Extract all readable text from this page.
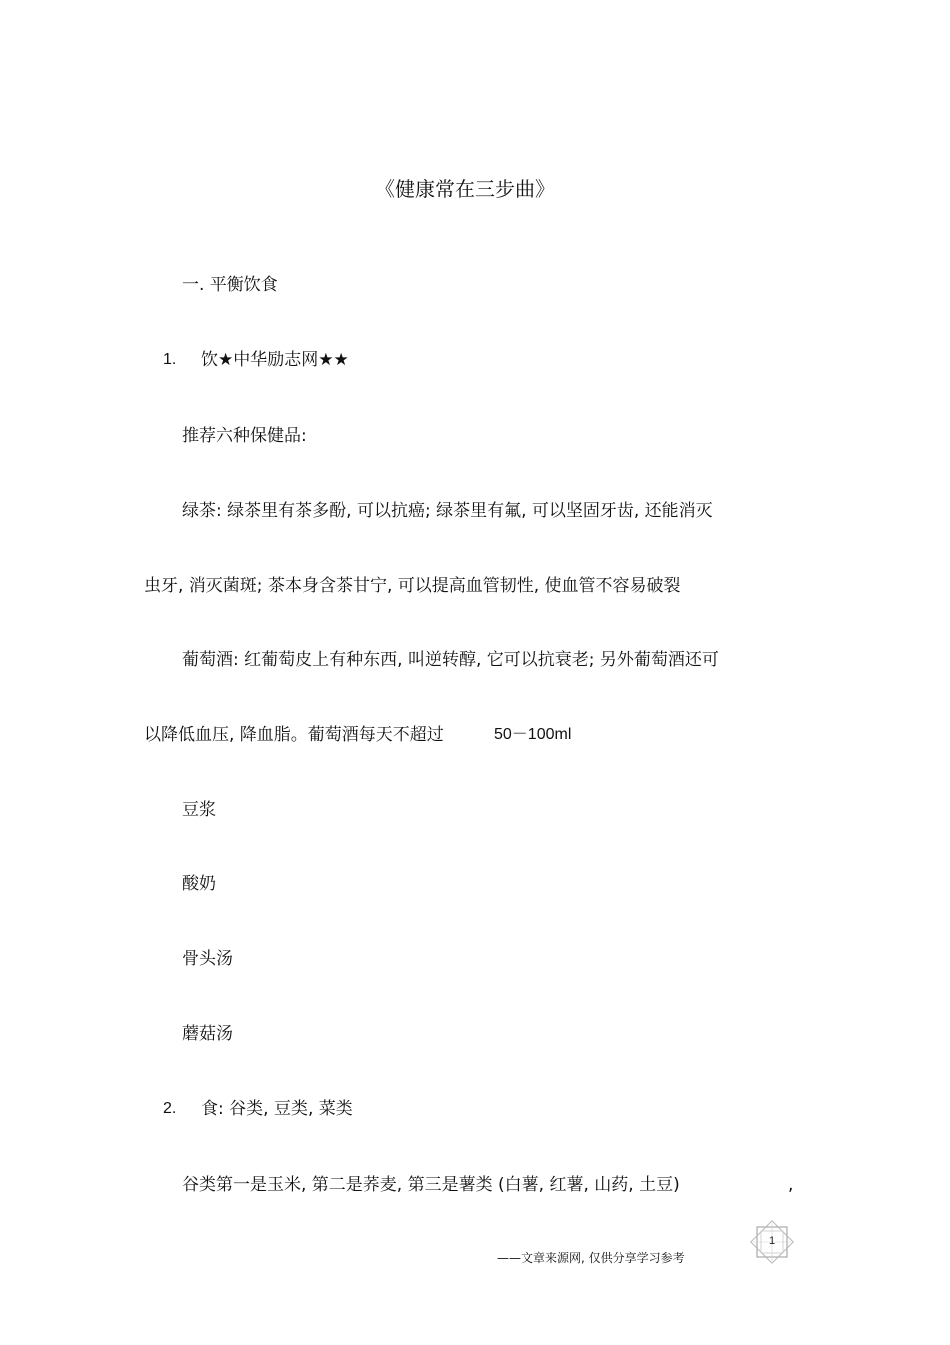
《健康常在三步曲》
一. 平衡饮食
1. 饮★中华励志网★★
推荐六种保健品:
绿茶: 绿茶里有茶多酚, 可以抗癌; 绿茶里有氟, 可以坚固牙齿, 还能消灭
虫牙, 消灭菌斑; 茶本身含茶甘宁, 可以提高血管韧性, 使血管不容易破裂
葡萄酒: 红葡萄皮上有种东西, 叫逆转醇, 它可以抗衰老; 另外葡萄酒还可
以降低血压, 降血脂。葡萄酒每天不超过	50－100ml
豆浆
酸奶
骨头汤
蘑菇汤
2. 食: 谷类, 豆类, 菜类
谷类第一是玉米, 第二是荞麦, 第三是薯类 (白薯, 红薯, 山药, 土豆)	,
1
——文章来源网, 仅供分享学习参考
